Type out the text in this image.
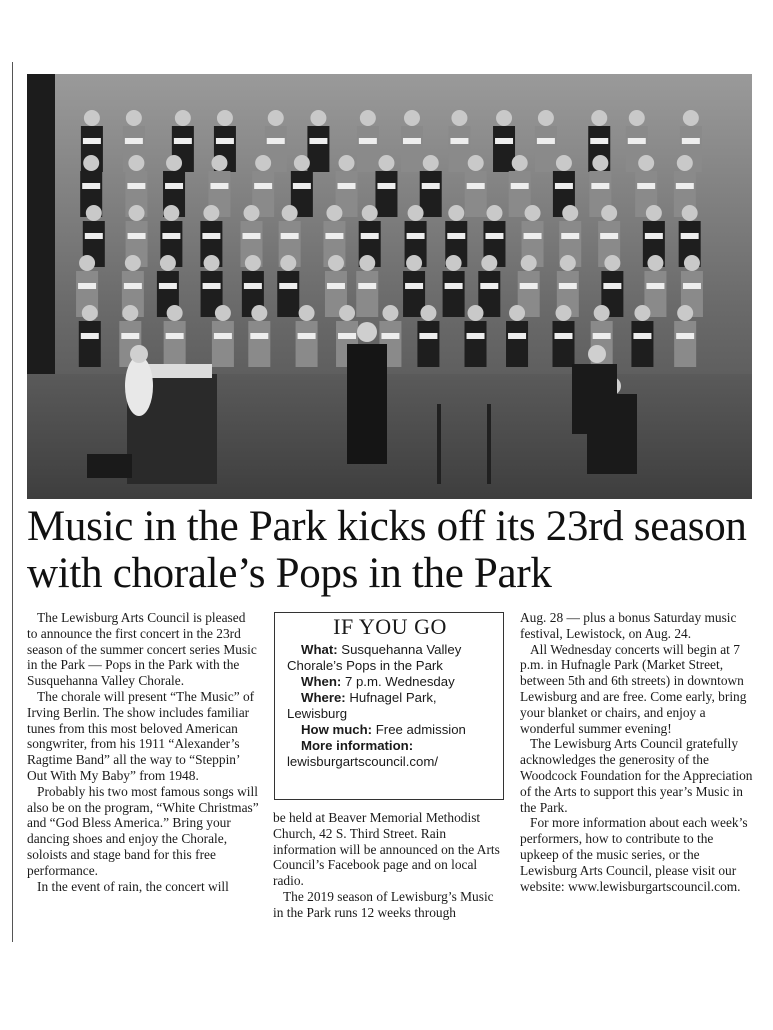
Music in the Park kicks off its 23rd season with chorale’s Pops in the Park

The Lewisburg Arts Council is pleased to announce the first concert in the 23rd season of the summer concert series Music in the Park — Pops in the Park with the Susquehanna Valley Chorale.

The chorale will present “The Music” of Irving Berlin. The show includes familiar tunes from this most beloved American songwriter, from his 1911 “Alexander’s Ragtime Band” all the way to “Steppin’ Out With My Baby” from 1948.

Probably his two most famous songs will also be on the program, “White Christmas” and “God Bless America.” Bring your dancing shoes and enjoy the Chorale, soloists and stage band for this free performance.

In the event of rain, the concert will

IF YOU GO
What: Susquehanna Valley Chorale’s Pops in the Park
When: 7 p.m. Wednesday
Where: Hufnagel Park, Lewisburg
How much: Free admission
More information: lewisburgartscouncil.com/

be held at Beaver Memorial Methodist Church, 42 S. Third Street. Rain information will be announced on the Arts Council’s Facebook page and on local radio.

The 2019 season of Lewisburg’s Music in the Park runs 12 weeks through

Aug. 28 — plus a bonus Saturday music festival, Lewistock, on Aug. 24.

All Wednesday concerts will begin at 7 p.m. in Hufnagle Park (Market Street, between 5th and 6th streets) in downtown Lewisburg and are free. Come early, bring your blanket or chairs, and enjoy a wonderful summer evening!

The Lewisburg Arts Council gratefully acknowledges the generosity of the Woodcock Foundation for the Appreciation of the Arts to support this year’s Music in the Park.

For more information about each week’s performers, how to contribute to the upkeep of the music series, or the Lewisburg Arts Council, please visit our website: www.lewisburgartscouncil.com.
